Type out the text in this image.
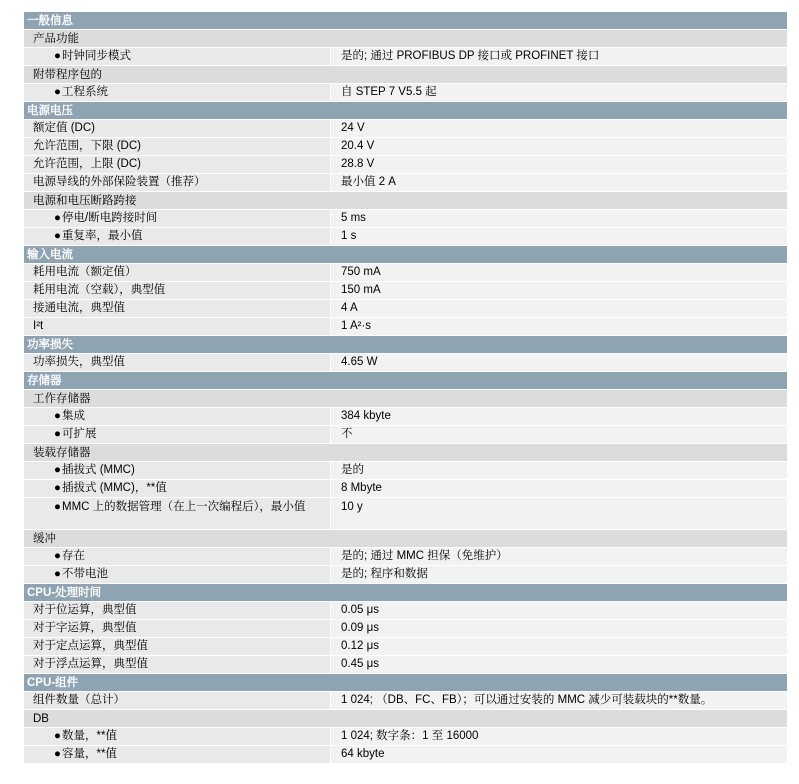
一般信息
产品功能
●时钟同步模式	是的; 通过 PROFIBUS DP 接口或 PROFINET 接口
附带程序包的
●工程系统	自 STEP 7 V5.5 起
电源电压
额定值 (DC)	24 V
允许范围，下限 (DC)	20.4 V
允许范围，上限 (DC)	28.8 V
电源导线的外部保险装置（推荐）	最小值 2 A
电源和电压断路跨接
●停电/断电跨接时间	5 ms
●重复率，最小值	1 s
输入电流
耗用电流（额定值）	750 mA
耗用电流（空载），典型值	150 mA
接通电流，典型值	4 A
I²t	1 A²·s
功率损失
功率损失，典型值	4.65 W
存储器
工作存储器
●集成	384 kbyte
●可扩展	不
装载存储器
●插拔式 (MMC)	是的
●插拔式 (MMC)，**值	8 Mbyte
●MMC 上的数据管理（在上一次编程后），最小值	10 y
缓冲
●存在	是的; 通过 MMC 担保（免维护）
●不带电池	是的; 程序和数据
CPU-处理时间
对于位运算，典型值	0.05 μs
对于字运算，典型值	0.09 μs
对于定点运算，典型值	0.12 μs
对于浮点运算，典型值	0.45 μs
CPU-组件
组件数量（总计）	1 024; （DB、FC、FB）；可以通过安装的 MMC 减少可装载块的**数量。
DB
●数量，**值	1 024; 数字条：1 至 16000
●容量，**值	64 kbyte
